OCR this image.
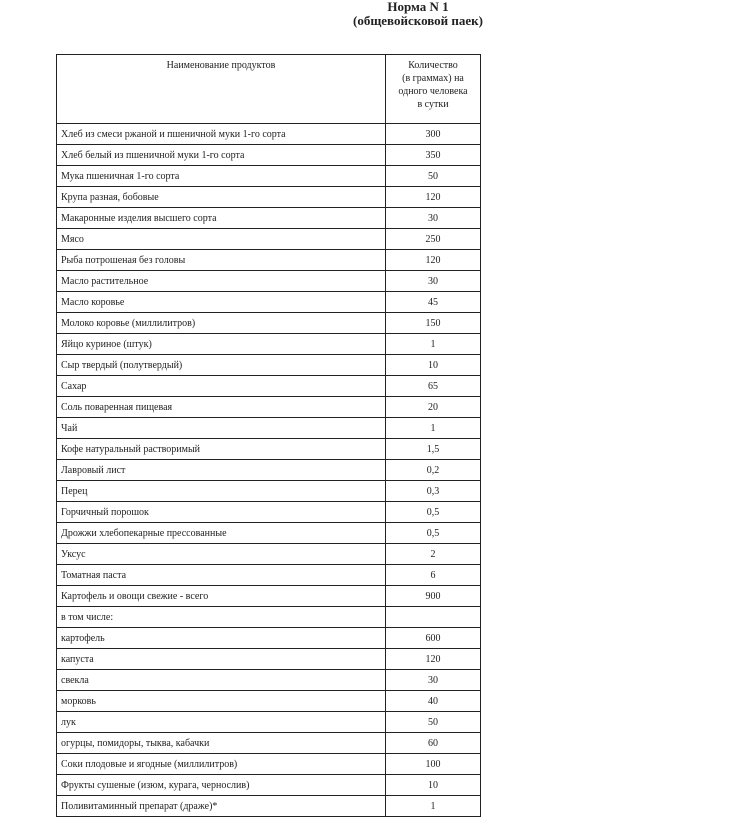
Норма N 1
(общевойсковой паек)
Наименование продуктов	Количество
(в граммах) на
одного человека
в сутки

Хлеб из смеси ржаной и пшеничной муки 1-го сорта	300
Хлеб белый из пшеничной муки 1-го сорта	350
Мука пшеничная 1-го сорта	50
Крупа разная, бобовые	120
Макаронные изделия высшего сорта	30
Мясо	250
Рыба потрошеная без головы	120
Масло растительное	30
Масло коровье	45
Молоко коровье (миллилитров)	150
Яйцо куриное (штук)	1
Сыр твердый (полутвердый)	10
Сахар	65
Соль поваренная пищевая	20
Чай	1
Кофе натуральный растворимый	1,5
Лавровый лист	0,2
Перец	0,3
Горчичный порошок	0,5
Дрожжи хлебопекарные прессованные	0,5
Уксус	2
Томатная паста	6
Картофель и овощи свежие - всего	900
в том числе:	
картофель	600
капуста	120
свекла	30
морковь	40
лук	50
огурцы, помидоры, тыква, кабачки	60
Соки плодовые и ягодные (миллилитров)	100
Фрукты сушеные (изюм, курага, чернослив)	10
Поливитаминный препарат (драже)*	1
